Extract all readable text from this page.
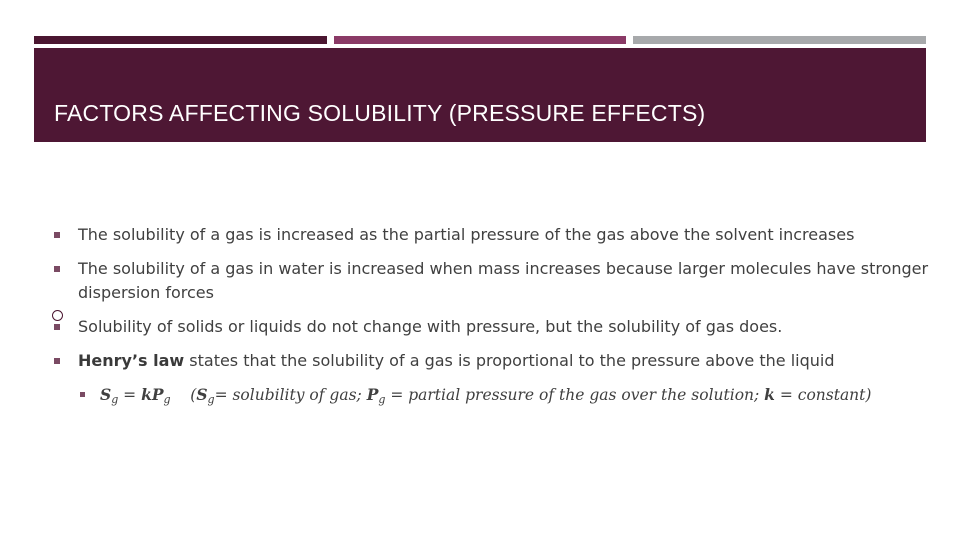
FACTORS AFFECTING SOLUBILITY (PRESSURE EFFECTS)
The solubility of a gas is increased as the partial pressure of the gas above the solvent increases
The solubility of a gas in water is increased when mass increases because larger molecules have stronger dispersion forces
Solubility of solids or liquids do not change with pressure, but the solubility of gas does.
Henry’s law states that the solubility of a gas is proportional to the pressure above the liquid
$S_g = kP_g$    ($S_g=$ solubility of gas; $P_g$ = partial pressure of the gas over the solution; k = constant)
